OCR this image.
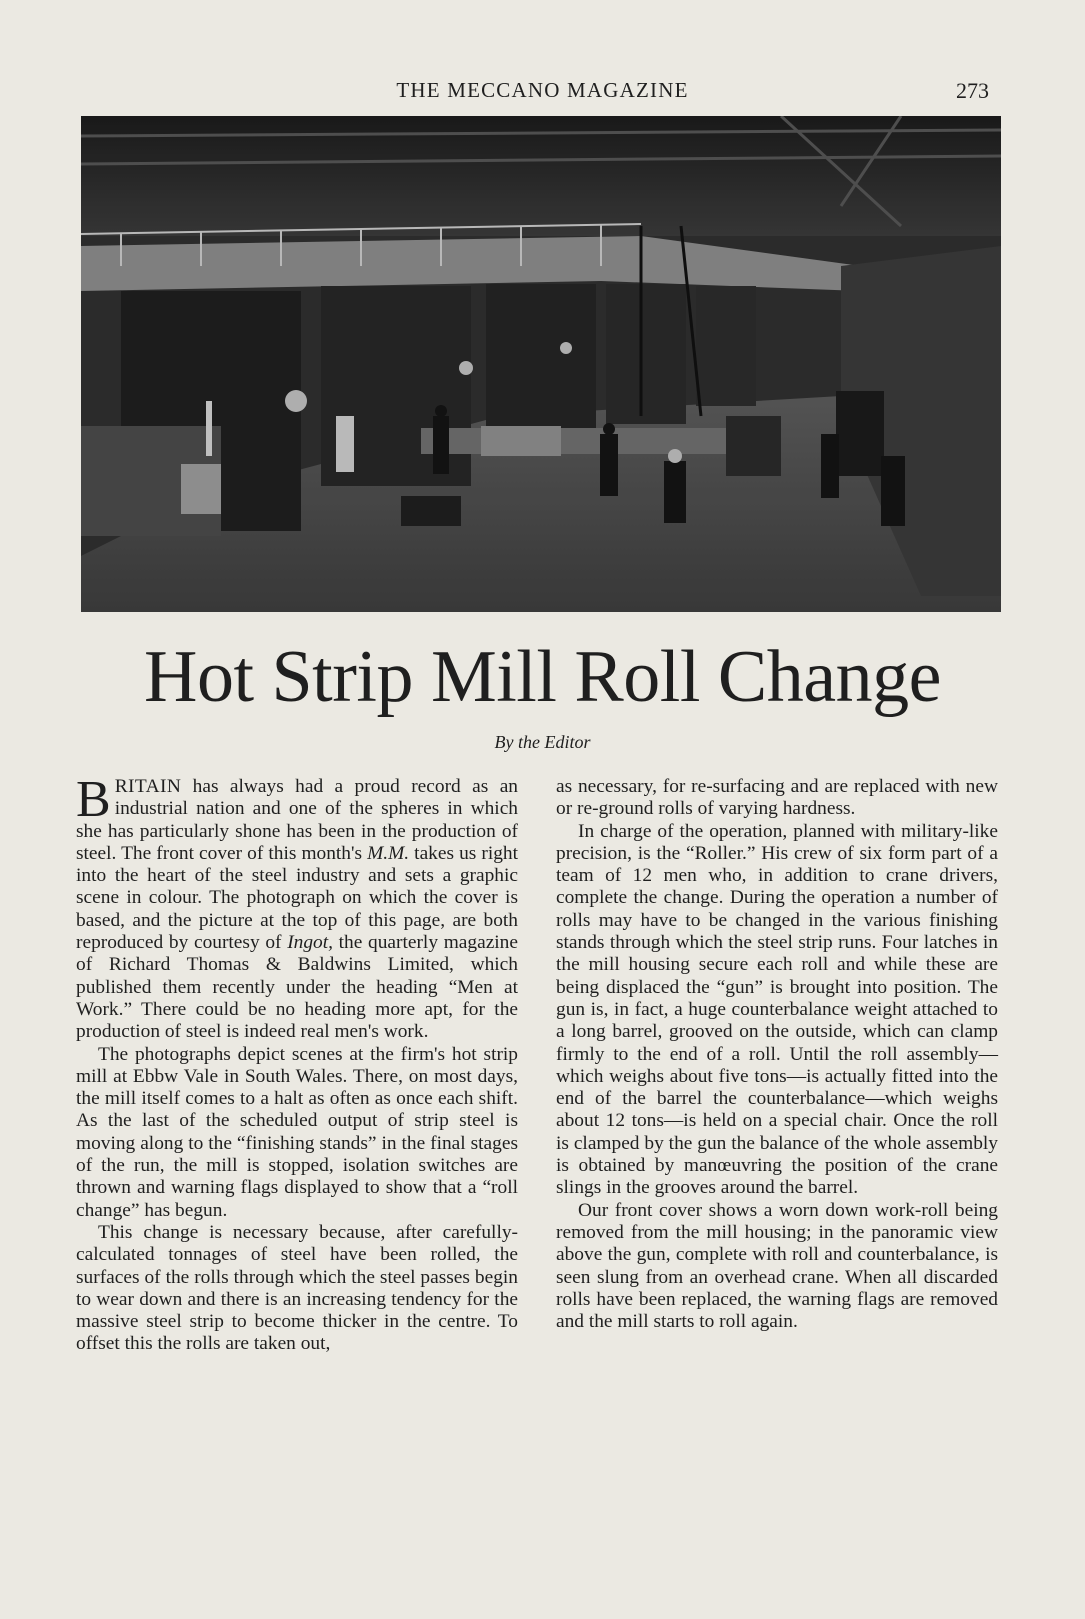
THE MECCANO MAGAZINE	273
Hot Strip Mill Roll Change
By the Editor

BRITAIN has always had a proud record as an industrial nation and one of the spheres in which she has particularly shone has been in the production of steel. The front cover of this month's M.M. takes us right into the heart of the steel industry and sets a graphic scene in colour. The photograph on which the cover is based, and the picture at the top of this page, are both reproduced by courtesy of Ingot, the quarterly magazine of Richard Thomas & Baldwins Limited, which published them recently under the heading “Men at Work.” There could be no heading more apt, for the production of steel is indeed real men's work.

The photographs depict scenes at the firm's hot strip mill at Ebbw Vale in South Wales. There, on most days, the mill itself comes to a halt as often as once each shift. As the last of the scheduled output of strip steel is moving along to the “finishing stands” in the final stages of the run, the mill is stopped, isolation switches are thrown and warning flags displayed to show that a “roll change” has begun.

This change is necessary because, after carefully-calculated tonnages of steel have been rolled, the surfaces of the rolls through which the steel passes begin to wear down and there is an increasing tendency for the massive steel strip to become thicker in the centre. To offset this the rolls are taken out,

as necessary, for re-surfacing and are replaced with new or re-ground rolls of varying hardness.

In charge of the operation, planned with military-like precision, is the “Roller.” His crew of six form part of a team of 12 men who, in addition to crane drivers, complete the change. During the operation a number of rolls may have to be changed in the various finishing stands through which the steel strip runs. Four latches in the mill housing secure each roll and while these are being displaced the “gun” is brought into position. The gun is, in fact, a huge counterbalance weight attached to a long barrel, grooved on the outside, which can clamp firmly to the end of a roll. Until the roll assembly—which weighs about five tons—is actually fitted into the end of the barrel the counterbalance—which weighs about 12 tons—is held on a special chair. Once the roll is clamped by the gun the balance of the whole assembly is obtained by manœuvring the position of the crane slings in the grooves around the barrel.

Our front cover shows a worn down work-roll being removed from the mill housing; in the panoramic view above the gun, complete with roll and counterbalance, is seen slung from an overhead crane. When all discarded rolls have been replaced, the warning flags are removed and the mill starts to roll again.
